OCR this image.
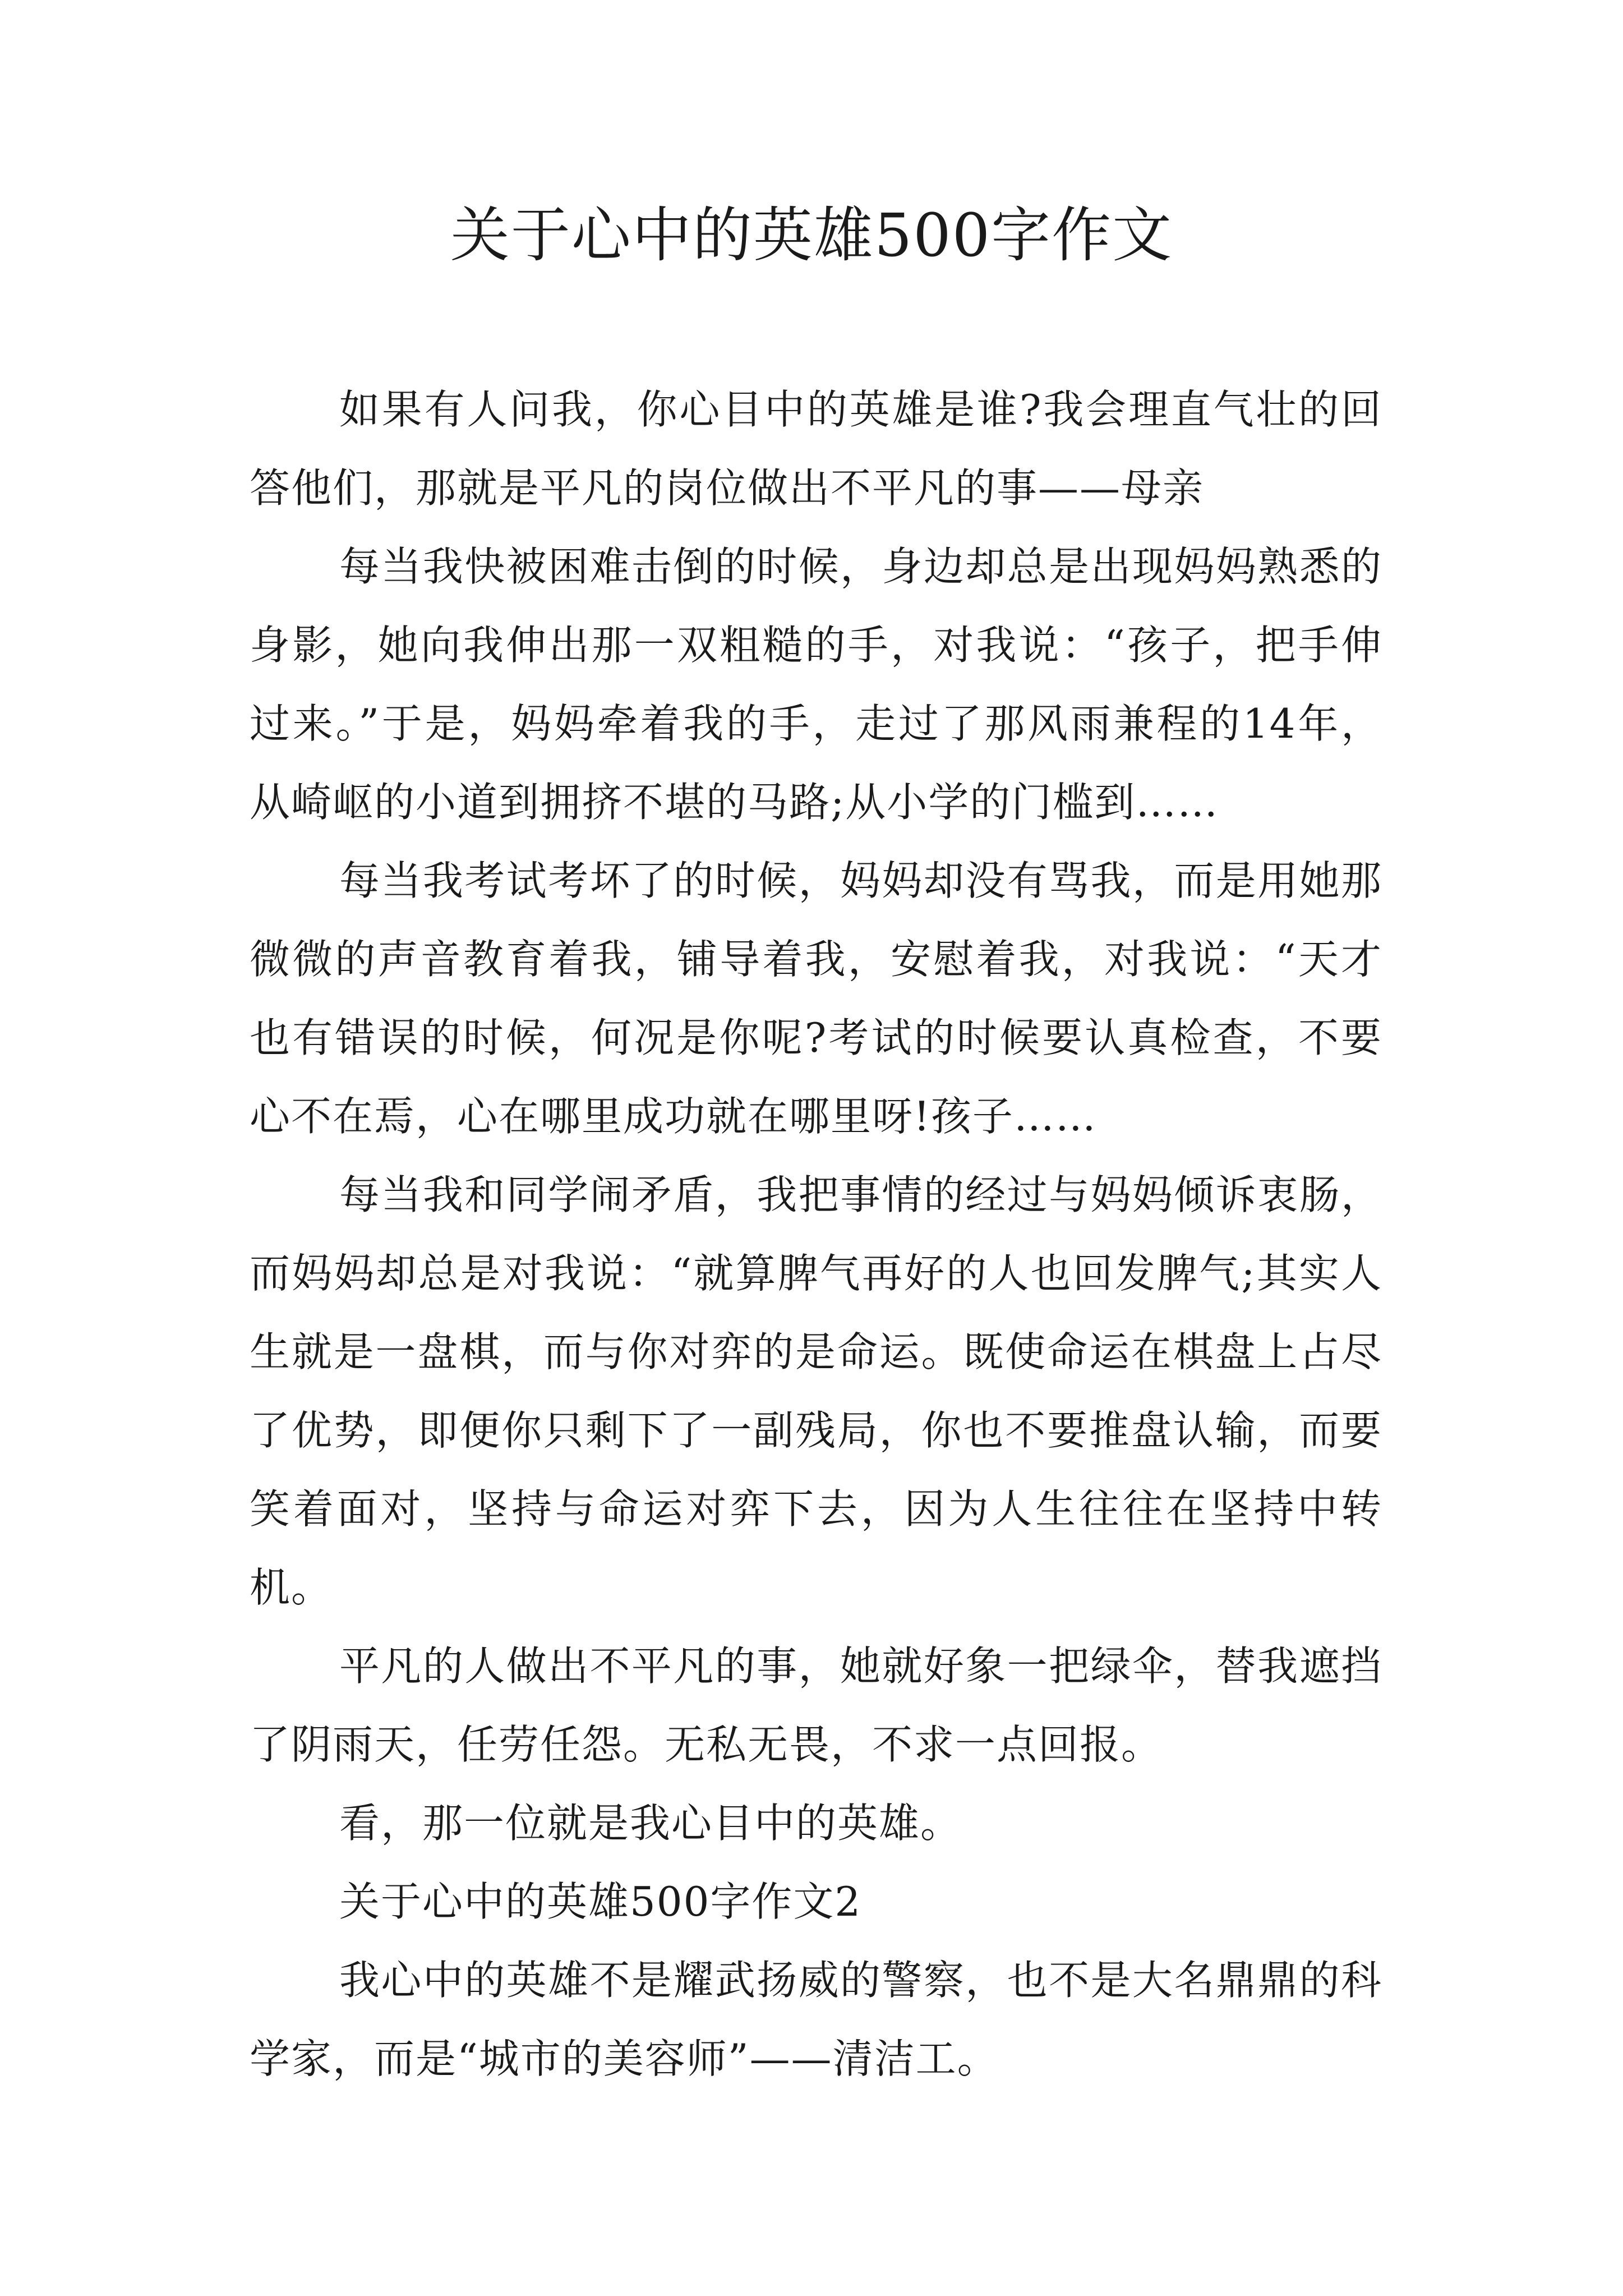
关于心中的英雄500字作文

如果有人问我，你心目中的英雄是谁?我会理直气壮的回答他们，那就是平凡的岗位做出不平凡的事——母亲

每当我快被困难击倒的时候，身边却总是出现妈妈熟悉的身影，她向我伸出那一双粗糙的手，对我说：“孩子，把手伸过来。”于是，妈妈牵着我的手，走过了那风雨兼程的14年，从崎岖的小道到拥挤不堪的马路;从小学的门槛到……

每当我考试考坏了的时候，妈妈却没有骂我，而是用她那微微的声音教育着我，铺导着我，安慰着我，对我说：“天才也有错误的时候，何况是你呢?考试的时候要认真检查，不要心不在焉，心在哪里成功就在哪里呀!孩子……

每当我和同学闹矛盾，我把事情的经过与妈妈倾诉衷肠，而妈妈却总是对我说：“就算脾气再好的人也回发脾气;其实人生就是一盘棋，而与你对弈的是命运。既使命运在棋盘上占尽了优势，即便你只剩下了一副残局，你也不要推盘认输，而要笑着面对，坚持与命运对弈下去，因为人生往往在坚持中转机。

平凡的人做出不平凡的事，她就好象一把绿伞，替我遮挡了阴雨天，任劳任怨。无私无畏，不求一点回报。

看，那一位就是我心目中的英雄。

关于心中的英雄500字作文2

我心中的英雄不是耀武扬威的警察，也不是大名鼎鼎的科学家，而是“城市的美容师”——清洁工。
